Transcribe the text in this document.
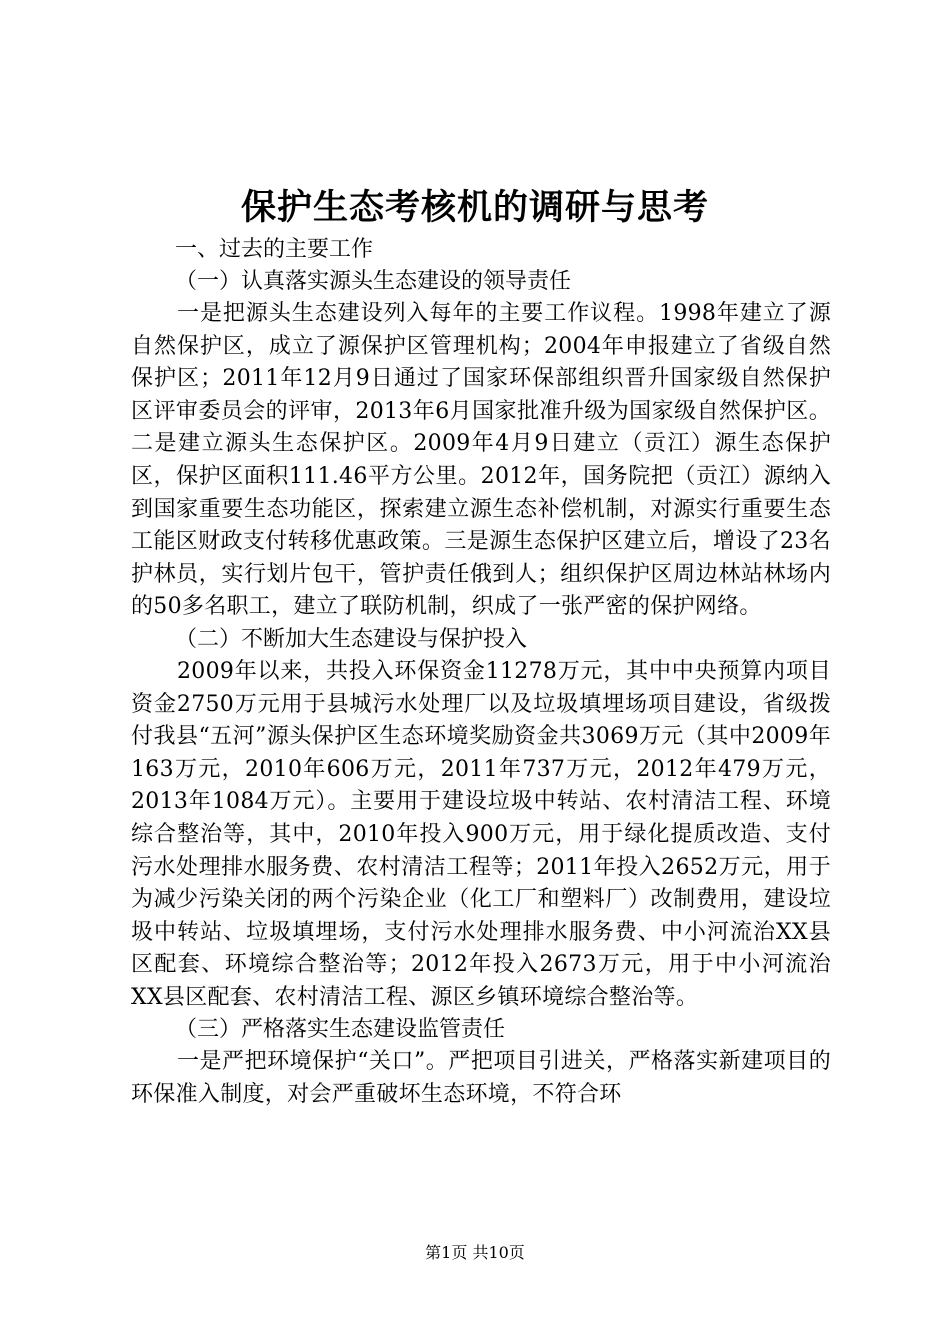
保护生态考核机的调研与思考

一、过去的主要工作

（一）认真落实源头生态建设的领导责任

一是把源头生态建设列入每年的主要工作议程。1998年建立了源自然保护区，成立了源保护区管理机构；2004年申报建立了省级自然保护区；2011年12月9日通过了国家环保部组织晋升国家级自然保护区评审委员会的评审，2013年6月国家批准升级为国家级自然保护区。二是建立源头生态保护区。2009年4月9日建立（贡江）源生态保护区，保护区面积111.46平方公里。2012年，国务院把（贡江）源纳入到国家重要生态功能区，探索建立源生态补偿机制，对源实行重要生态工能区财政支付转移优惠政策。三是源生态保护区建立后，增设了23名护林员，实行划片包干，管护责任俄到人；组织保护区周边林站林场内的50多名职工，建立了联防机制，织成了一张严密的保护网络。

（二）不断加大生态建设与保护投入

2009年以来，共投入环保资金11278万元，其中中央预算内项目资金2750万元用于县城污水处理厂以及垃圾填埋场项目建设，省级拨付我县“五河”源头保护区生态环境奖励资金共3069万元（其中2009年163万元，2010年606万元，2011年737万元，2012年479万元，2013年1084万元）。主要用于建设垃圾中转站、农村清洁工程、环境综合整治等，其中，2010年投入900万元，用于绿化提质改造、支付污水处理排水服务费、农村清洁工程等；2011年投入2652万元，用于为减少污染关闭的两个污染企业（化工厂和塑料厂）改制费用，建设垃圾中转站、垃圾填埋场，支付污水处理排水服务费、中小河流治XX县区配套、环境综合整治等；2012年投入2673万元，用于中小河流治XX县区配套、农村清洁工程、源区乡镇环境综合整治等。

（三）严格落实生态建设监管责任

一是严把环境保护“关口”。严把项目引进关，严格落实新建项目的环保准入制度，对会严重破坏生态环境，不符合环

第1页 共10页
